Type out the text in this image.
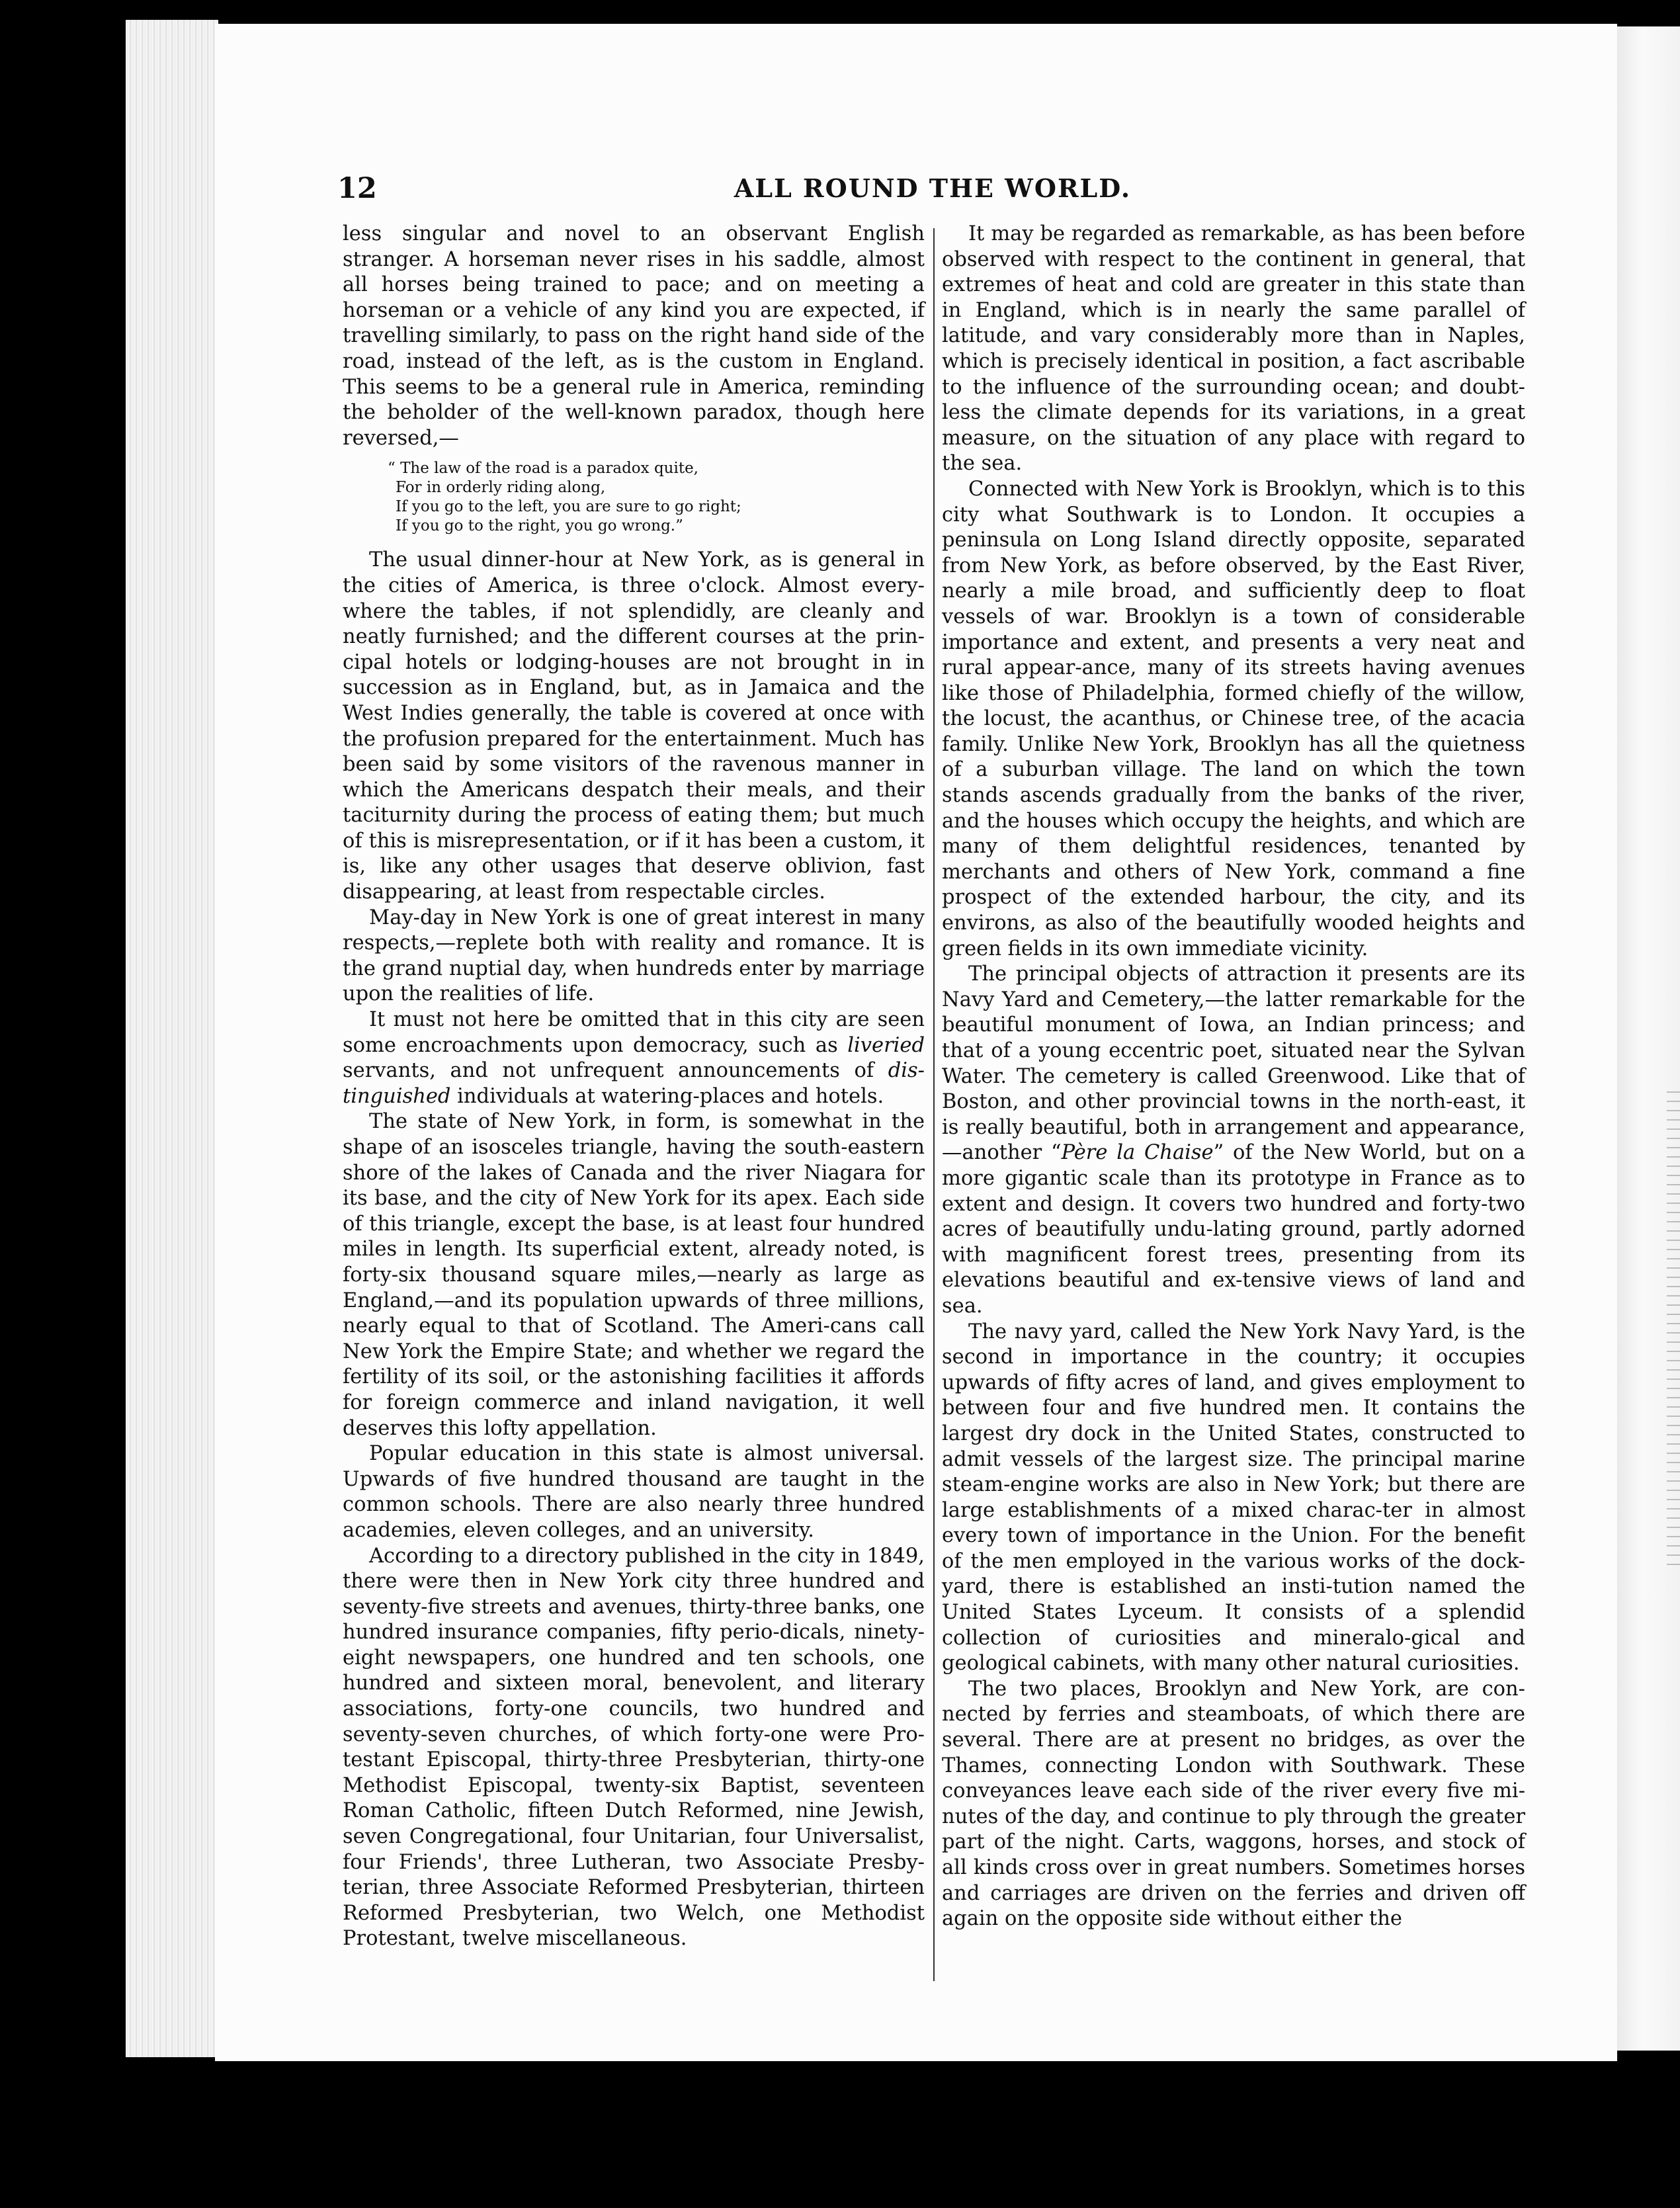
12	ALL ROUND THE WORLD.

less singular and novel to an observant English stranger. A horseman never rises in his saddle, almost all horses being trained to pace; and on meeting a horseman or a vehicle of any kind you are expected, if travelling similarly, to pass on the right hand side of the road, instead of the left, as is the custom in England. This seems to be a general rule in America, reminding the beholder of the well-known paradox, though here reversed,—

“ The law of the road is a paradox quite,
For in orderly riding along,
If you go to the left, you are sure to go right;
If you go to the right, you go wrong.”

The usual dinner-hour at New York, as is general in the cities of America, is three o'clock. Almost every-where the tables, if not splendidly, are cleanly and neatly furnished; and the different courses at the prin-cipal hotels or lodging-houses are not brought in in succession as in England, but, as in Jamaica and the West Indies generally, the table is covered at once with the profusion prepared for the entertainment. Much has been said by some visitors of the ravenous manner in which the Americans despatch their meals, and their taciturnity during the process of eating them; but much of this is misrepresentation, or if it has been a custom, it is, like any other usages that deserve oblivion, fast disappearing, at least from respectable circles.

May-day in New York is one of great interest in many respects,—replete both with reality and romance. It is the grand nuptial day, when hundreds enter by marriage upon the realities of life.

It must not here be omitted that in this city are seen some encroachments upon democracy, such as liveried servants, and not unfrequent announcements of dis-tinguished individuals at watering-places and hotels.

The state of New York, in form, is somewhat in the shape of an isosceles triangle, having the south-eastern shore of the lakes of Canada and the river Niagara for its base, and the city of New York for its apex. Each side of this triangle, except the base, is at least four hundred miles in length. Its superficial extent, already noted, is forty-six thousand square miles,—nearly as large as England,—and its population upwards of three millions, nearly equal to that of Scotland. The Ameri-cans call New York the Empire State; and whether we regard the fertility of its soil, or the astonishing facilities it affords for foreign commerce and inland navigation, it well deserves this lofty appellation.

Popular education in this state is almost universal. Upwards of five hundred thousand are taught in the common schools. There are also nearly three hundred academies, eleven colleges, and an university.

According to a directory published in the city in 1849, there were then in New York city three hundred and seventy-five streets and avenues, thirty-three banks, one hundred insurance companies, fifty perio-dicals, ninety-eight newspapers, one hundred and ten schools, one hundred and sixteen moral, benevolent, and literary associations, forty-one councils, two hundred and seventy-seven churches, of which forty-one were Pro-testant Episcopal, thirty-three Presbyterian, thirty-one Methodist Episcopal, twenty-six Baptist, seventeen Roman Catholic, fifteen Dutch Reformed, nine Jewish, seven Congregational, four Unitarian, four Universalist, four Friends', three Lutheran, two Associate Presby-terian, three Associate Reformed Presbyterian, thirteen Reformed Presbyterian, two Welch, one Methodist Protestant, twelve miscellaneous.

It may be regarded as remarkable, as has been before observed with respect to the continent in general, that extremes of heat and cold are greater in this state than in England, which is in nearly the same parallel of latitude, and vary considerably more than in Naples, which is precisely identical in position, a fact ascribable to the influence of the surrounding ocean; and doubt-less the climate depends for its variations, in a great measure, on the situation of any place with regard to the sea.

Connected with New York is Brooklyn, which is to this city what Southwark is to London. It occupies a peninsula on Long Island directly opposite, separated from New York, as before observed, by the East River, nearly a mile broad, and sufficiently deep to float vessels of war. Brooklyn is a town of considerable importance and extent, and presents a very neat and rural appear-ance, many of its streets having avenues like those of Philadelphia, formed chiefly of the willow, the locust, the acanthus, or Chinese tree, of the acacia family. Unlike New York, Brooklyn has all the quietness of a suburban village. The land on which the town stands ascends gradually from the banks of the river, and the houses which occupy the heights, and which are many of them delightful residences, tenanted by merchants and others of New York, command a fine prospect of the extended harbour, the city, and its environs, as also of the beautifully wooded heights and green fields in its own immediate vicinity.

The principal objects of attraction it presents are its Navy Yard and Cemetery,—the latter remarkable for the beautiful monument of Iowa, an Indian princess; and that of a young eccentric poet, situated near the Sylvan Water. The cemetery is called Greenwood. Like that of Boston, and other provincial towns in the north-east, it is really beautiful, both in arrangement and appearance,—another “Père la Chaise” of the New World, but on a more gigantic scale than its prototype in France as to extent and design. It covers two hundred and forty-two acres of beautifully undu-lating ground, partly adorned with magnificent forest trees, presenting from its elevations beautiful and ex-tensive views of land and sea.

The navy yard, called the New York Navy Yard, is the second in importance in the country; it occupies upwards of fifty acres of land, and gives employment to between four and five hundred men. It contains the largest dry dock in the United States, constructed to admit vessels of the largest size. The principal marine steam-engine works are also in New York; but there are large establishments of a mixed charac-ter in almost every town of importance in the Union. For the benefit of the men employed in the various works of the dock-yard, there is established an insti-tution named the United States Lyceum. It consists of a splendid collection of curiosities and mineralo-gical and geological cabinets, with many other natural curiosities.

The two places, Brooklyn and New York, are con-nected by ferries and steamboats, of which there are several. There are at present no bridges, as over the Thames, connecting London with Southwark. These conveyances leave each side of the river every five mi-nutes of the day, and continue to ply through the greater part of the night. Carts, waggons, horses, and stock of all kinds cross over in great numbers. Sometimes horses and carriages are driven on the ferries and driven off again on the opposite side without either the
